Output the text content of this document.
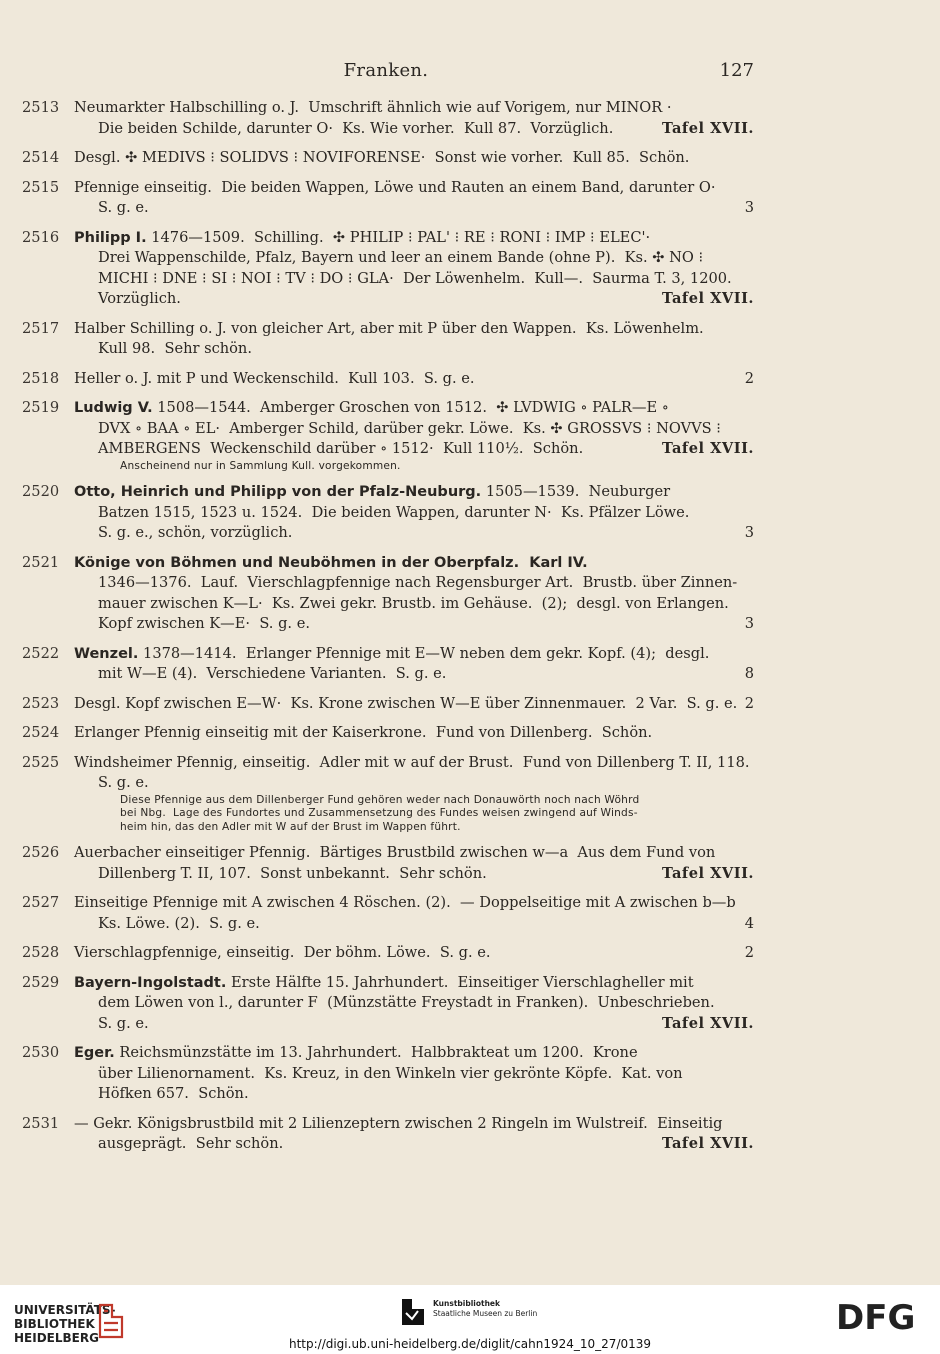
Franken.	127
2513	Neumarkter Halbschilling o. J.  Umschrift ähnlich wie auf Vorigem, nur MINOR ·
Die beiden Schilde, darunter O·  Ks. Wie vorher.  Kull 87.  Vorzüglich.	Tafel XVII.
2514	Desgl. ✣ MEDIVS ⁝ SOLIDVS ⁝ NOVIFORENSE·  Sonst wie vorher.  Kull 85.  Schön.
2515	Pfennige einseitig.  Die beiden Wappen, Löwe und Rauten an einem Band, darunter O·
S. g. e.	3
2516	Philipp I. 1476—1509.  Schilling.  ✣ PHILIP ⁝ PAL' ⁝ RE ⁝ RONI ⁝ IMP ⁝ ELEC'·
Drei Wappenschilde, Pfalz, Bayern und leer an einem Bande (ohne P).  Ks. ✣ NO ⁝
MICHI ⁝ DNE ⁝ SI ⁝ NOI ⁝ TV ⁝ DO ⁝ GLA·  Der Löwenhelm.  Kull—.  Saurma T. 3, 1200.
Vorzüglich.	Tafel XVII.
2517	Halber Schilling o. J. von gleicher Art, aber mit P über den Wappen.  Ks. Löwenhelm.
Kull 98.  Sehr schön.
2518	Heller o. J. mit P und Weckenschild.  Kull 103.  S. g. e.	2
2519	Ludwig V. 1508—1544.  Amberger Groschen von 1512.  ✣ LVDWIG ∘ PALR—E ∘
DVX ∘ BAA ∘ EL·  Amberger Schild, darüber gekr. Löwe.  Ks. ✣ GROSSVS ⁝ NOVVS ⁝
AMBERGENS  Weckenschild darüber ∘ 1512·  Kull 110½.  Schön.	Tafel XVII.
Anscheinend nur in Sammlung Kull. vorgekommen.
2520	Otto, Heinrich und Philipp von der Pfalz-Neuburg. 1505—1539.  Neuburger
Batzen 1515, 1523 u. 1524.  Die beiden Wappen, darunter N·  Ks. Pfälzer Löwe.
S. g. e., schön, vorzüglich.	3
2521	Könige von Böhmen und Neuböhmen in der Oberpfalz.  Karl IV.
1346—1376.  Lauf.  Vierschlagpfennige nach Regensburger Art.  Brustb. über Zinnen-
mauer zwischen K—L·  Ks. Zwei gekr. Brustb. im Gehäuse.  (2);  desgl. von Erlangen.
Kopf zwischen K—E·  S. g. e.	3
2522	Wenzel. 1378—1414.  Erlanger Pfennige mit E—W neben dem gekr. Kopf. (4);  desgl.
mit W—E (4).  Verschiedene Varianten.  S. g. e.	8
2523	Desgl. Kopf zwischen E—W·  Ks. Krone zwischen W—E über Zinnenmauer.  2 Var.  S. g. e. 2
2524	Erlanger Pfennig einseitig mit der Kaiserkrone.  Fund von Dillenberg.  Schön.
2525	Windsheimer Pfennig, einseitig.  Adler mit w auf der Brust.  Fund von Dillenberg T. II, 118.
S. g. e.
Diese Pfennige aus dem Dillenberger Fund gehören weder nach Donauwörth noch nach Wöhrd
bei Nbg.  Lage des Fundortes und Zusammensetzung des Fundes weisen zwingend auf Winds-
heim hin, das den Adler mit W auf der Brust im Wappen führt.
2526	Auerbacher einseitiger Pfennig.  Bärtiges Brustbild zwischen w—a  Aus dem Fund von
Dillenberg T. II, 107.  Sonst unbekannt.  Sehr schön.	Tafel XVII.
2527	Einseitige Pfennige mit A zwischen 4 Röschen. (2).  — Doppelseitige mit A zwischen b—b
Ks. Löwe. (2).  S. g. e.	4
2528	Vierschlagpfennige, einseitig.  Der böhm. Löwe.  S. g. e.	2
2529	Bayern-Ingolstadt. Erste Hälfte 15. Jahrhundert.  Einseitiger Vierschlagheller mit
dem Löwen von l., darunter F  (Münzstätte Freystadt in Franken).  Unbeschrieben.
S. g. e.	Tafel XVII.
2530	Eger. Reichsmünzstätte im 13. Jahrhundert.  Halbbrakteat um 1200.  Krone
über Lilienornament.  Ks. Kreuz, in den Winkeln vier gekrönte Köpfe.  Kat. von
Höfken 657.  Schön.
2531	— Gekr. Königsbrustbild mit 2 Lilienzeptern zwischen 2 Ringeln im Wulstreif.  Einseitig
ausgeprägt.  Sehr schön.	Tafel XVII.
UNIVERSITÄTS-
BIBLIOTHEK
HEIDELBERG
Kunstbibliothek
Staatliche Museen zu Berlin	DFG
http://digi.ub.uni-heidelberg.de/diglit/cahn1924_10_27/0139
